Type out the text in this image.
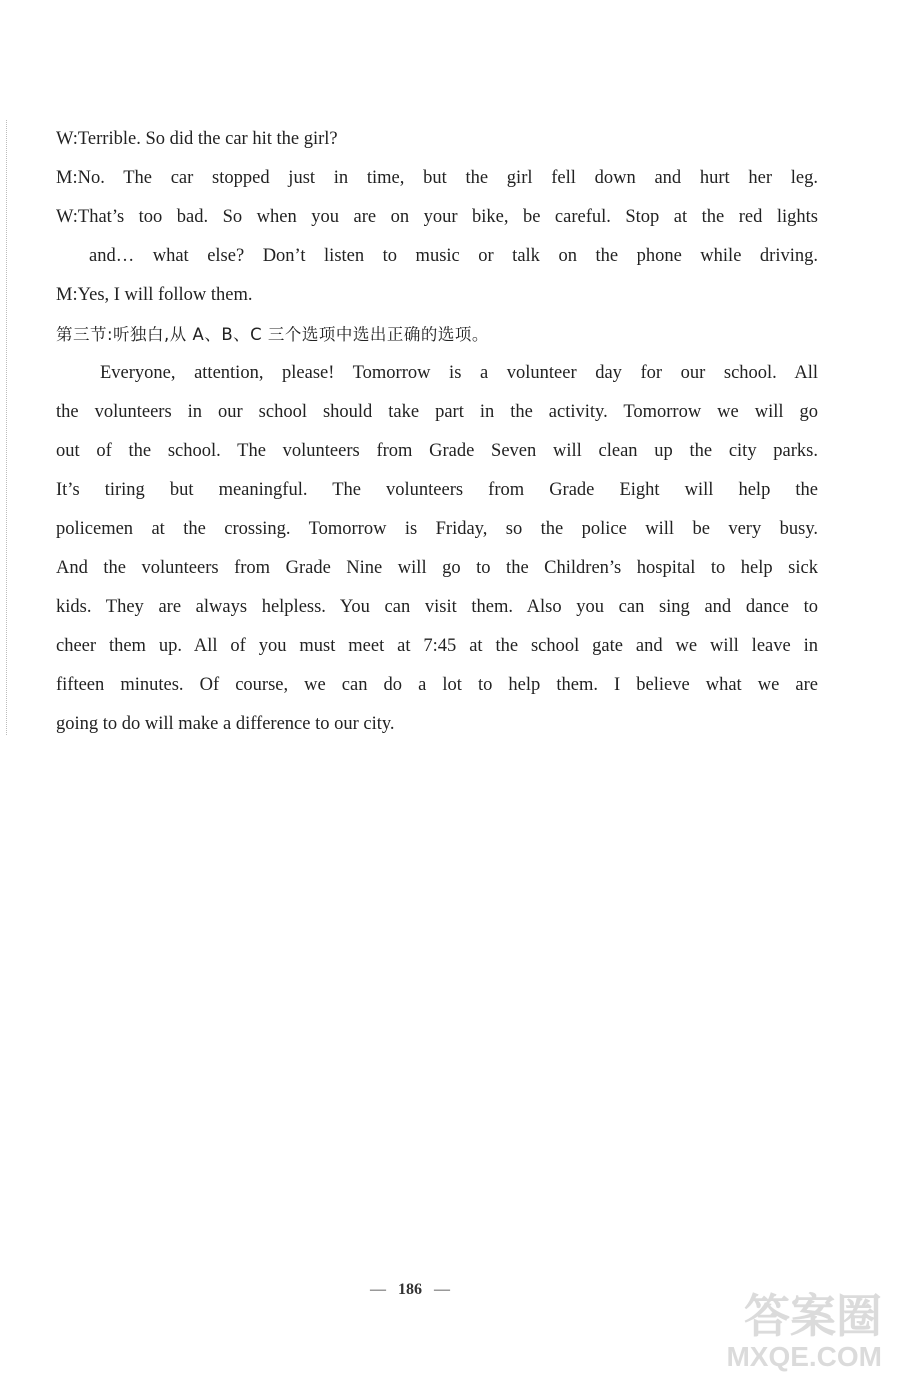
W:Terrible. So did the car hit the girl?
M:No. The car stopped just in time, but the girl fell down and hurt her leg.
W:That’s too bad. So when you are on your bike, be careful. Stop at the red lights
and… what else? Don’t listen to music or talk on the phone while driving.
M:Yes, I will follow them.
第三节:听独白,从 A、B、C 三个选项中选出正确的选项。
Everyone, attention, please! Tomorrow is a volunteer day for our school. All
the volunteers in our school should take part in the activity. Tomorrow we will go
out of the school. The volunteers from Grade Seven will clean up the city parks.
It’s tiring but meaningful. The volunteers from Grade Eight will help the
policemen at the crossing. Tomorrow is Friday, so the police will be very busy.
And the volunteers from Grade Nine will go to the Children’s hospital to help sick
kids. They are always helpless. You can visit them. Also you can sing and dance to
cheer them up. All of you must meet at 7:45 at the school gate and we will leave in
fifteen minutes. Of course, we can do a lot to help them. I believe what we are
going to do will make a difference to our city.
— 186 —	答案圈
MXQE.COM
